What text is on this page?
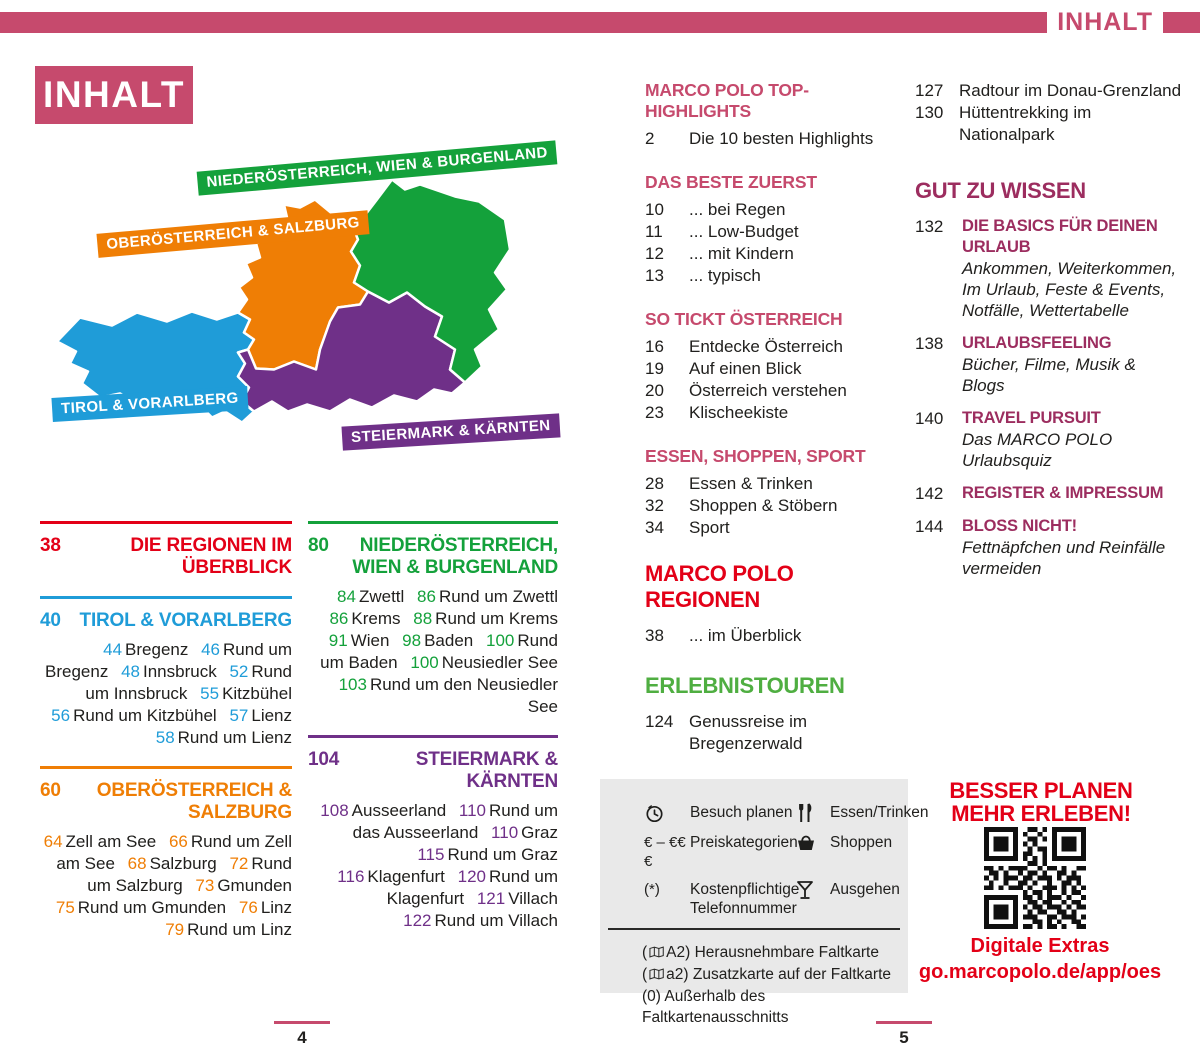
INHALT
INHALT
NIEDERÖSTERREICH, WIEN & BURGENLAND
OBERÖSTERREICH & SALZBURG
TIROL & VORARLBERG
STEIERMARK & KÄRNTEN
38	DIE REGIONEN IM ÜBERBLICK
40 TIROL & VORARLBERG

44 Bregenz 46 Rund um Bregenz 48 Innsbruck 52 Rund um Innsbruck 55 Kitzbühel 56 Rund um Kitzbühel 57 Lienz 58 Rund um Lienz

60	OBERÖSTERREICH & SALZBURG

64 Zell am See 66 Rund um Zell am See 68 Salzburg 72 Rund um Salzburg 73 Gmunden 75 Rund um Gmunden 76 Linz 79 Rund um Linz

80	NIEDERÖSTERREICH, WIEN & BURGENLAND

84 Zwettl 86 Rund um Zwettl 86 Krems 88 Rund um Krems 91 Wien 98 Baden 100 Rund um Baden 100 Neusiedler See 103 Rund um den Neusiedler See

104	STEIERMARK & KÄRNTEN

108 Ausseerland 110 Rund um das Ausseerland 110 Graz 115 Rund um Graz 116 Klagenfurt 120 Rund um Klagenfurt 121 Villach 122 Rund um Villach

MARCO POLO TOP-HIGHLIGHTS
2	Die 10 besten Highlights
DAS BESTE ZUERST
10	... bei Regen
11	... Low-Budget
12	... mit Kindern
13	... typisch
SO TICKT ÖSTERREICH
16	Entdecke Österreich
19	Auf einen Blick
20	Österreich verstehen
23	Klischeekiste
ESSEN, SHOPPEN, SPORT
28	Essen & Trinken
32	Shoppen & Stöbern
34	Sport
MARCO POLO REGIONEN
38	... im Überblick
ERLEBNISTOUREN
124 Genussreise im Bregenzerwald
127 Radtour im Donau-Grenzland
130 Hüttentrekking im Nationalpark
GUT ZU WISSEN
132	DIE BASICS FÜR DEINEN URLAUB
Ankommen, Weiterkommen, Im Urlaub, Feste & Events, Notfälle, Wettertabelle
138	URLAUBSFEELING
Bücher, Filme, Musik & Blogs
140	TRAVEL PURSUIT
Das MARCO POLO Urlaubsquiz
142	REGISTER & IMPRESSUM
144	BLOSS NICHT!
Fettnäpfchen und Reinfälle vermeiden
Besuch planen Essen/Trinken
€ – €€€
Preiskategorien Shoppen
(*)	Kostenpflichtige Telefonnummer
Ausgehen
( A2) Herausnehmbare Faltkarte
( a2) Zusatzkarte auf der Faltkarte
(0) Außerhalb des Faltkartenausschnitts
BESSER PLANEN
MEHR ERLEBEN!
Digitale Extras
go.marcopolo.de/app/oes
4	5
